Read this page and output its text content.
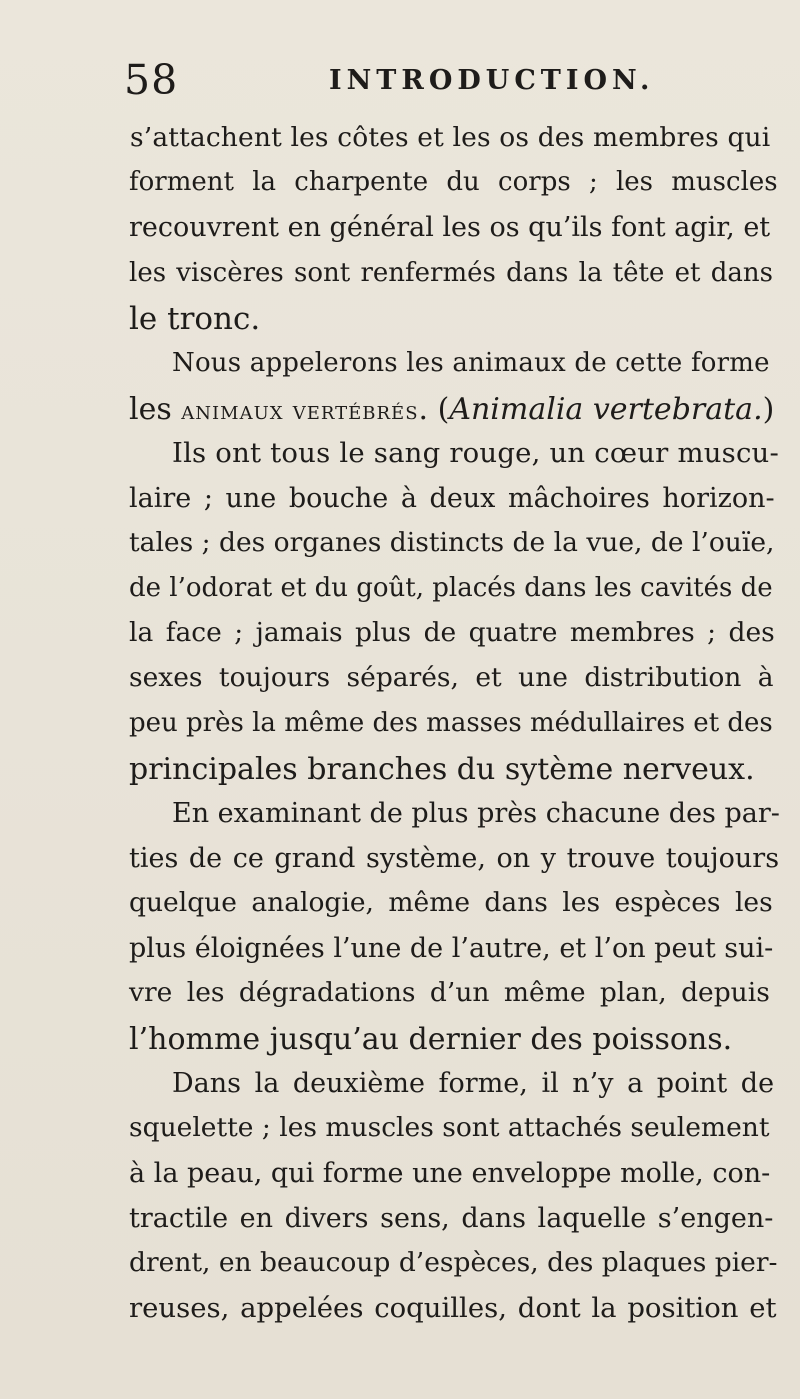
58	INTRODUCTION.
s’attachent les côtes et les os des membres qui
forment la charpente du corps ; les muscles
recouvrent en général les os qu’ils font agir, et
les viscères sont renfermés dans la tête et dans
le tronc.
Nous appelerons les animaux de cette forme
les animaux vertébrés. (Animalia vertebrata.)
Ils ont tous le sang rouge, un cœur muscu-
laire ; une bouche à deux mâchoires horizon-
tales ; des organes distincts de la vue, de l’ouïe,
de l’odorat et du goût, placés dans les cavités de
la face ; jamais plus de quatre membres ; des
sexes toujours séparés, et une distribution à
peu près la même des masses médullaires et des
principales branches du sytème nerveux.
En examinant de plus près chacune des par-
ties de ce grand système, on y trouve toujours
quelque analogie, même dans les espèces les
plus éloignées l’une de l’autre, et l’on peut sui-
vre les dégradations d’un même plan, depuis
l’homme jusqu’au dernier des poissons.
Dans la deuxième forme, il n’y a point de
squelette ; les muscles sont attachés seulement
à la peau, qui forme une enveloppe molle, con-
tractile en divers sens, dans laquelle s’engen-
drent, en beaucoup d’espèces, des plaques pier-
reuses, appelées coquilles, dont la position et
